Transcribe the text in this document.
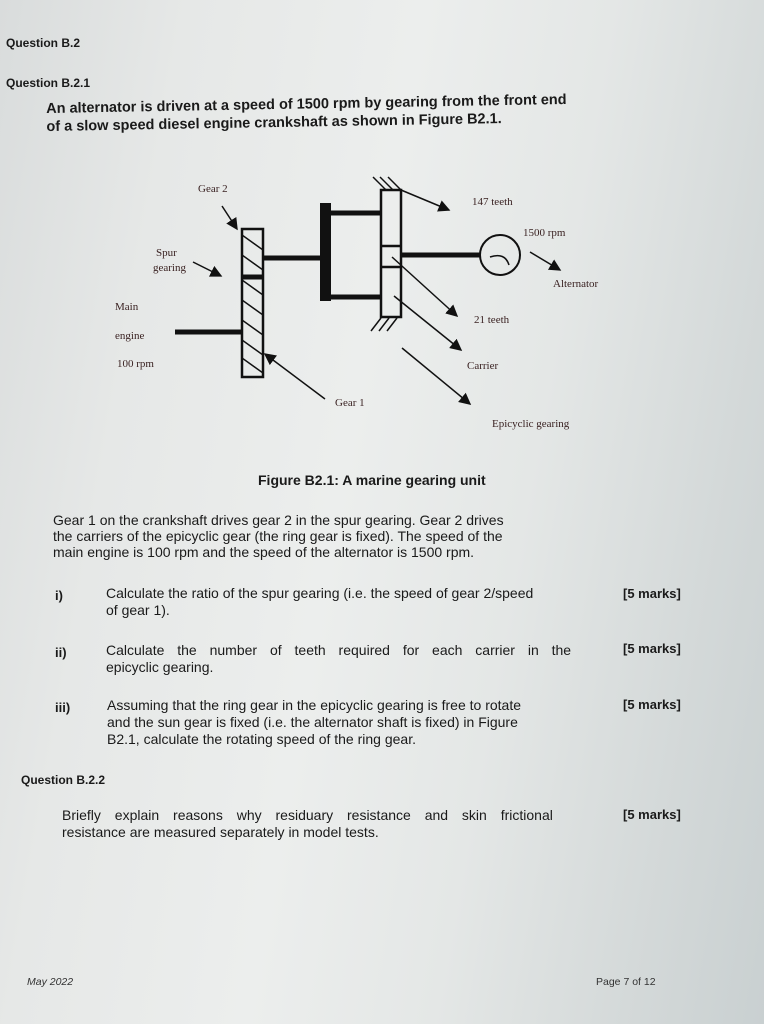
Question B.2
Question B.2.1
An alternator is driven at a speed of 1500 rpm by gearing from the front end
of a slow speed diesel engine crankshaft as shown in Figure B2.1.
Gear 2
Spur
gearing
Main
engine
100 rpm
Gear 1
147 teeth
1500 rpm
Alternator
21 teeth
Carrier
Epicyclic gearing
Figure B2.1: A marine gearing unit
Gear 1 on the crankshaft drives gear 2 in the spur gearing. Gear 2 drives
the carriers of the epicyclic gear (the ring gear is fixed). The speed of the
main engine is 100 rpm and the speed of the alternator is 1500 rpm.
i)	Calculate the ratio of the spur gearing (i.e. the speed of gear 2/speed
of gear 1).
[5 marks]
ii)	Calculate the number of teeth required for each carrier in the
epicyclic gearing.
[5 marks]
iii)	Assuming that the ring gear in the epicyclic gearing is free to rotate
and the sun gear is fixed (i.e. the alternator shaft is fixed) in Figure
B2.1, calculate the rotating speed of the ring gear.
[5 marks]
Question B.2.2
Briefly explain reasons why residuary resistance and skin frictional
resistance are measured separately in model tests.
[5 marks]
May 2022	Page 7 of 12
